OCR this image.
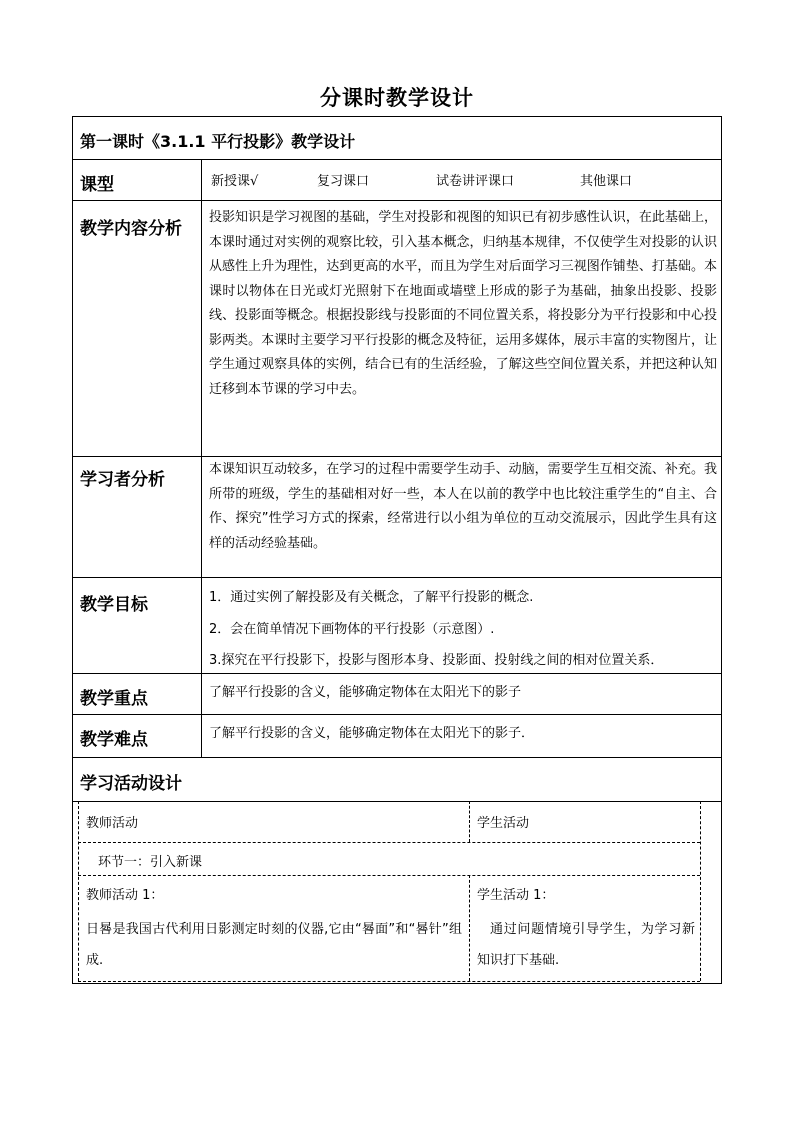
分课时教学设计
第一课时《3.1.1 平行投影》教学设计
课型	新授课√	复习课口	试卷讲评课口	其他课口
教学内容分析
投影知识是学习视图的基础，学生对投影和视图的知识已有初步感性认识，在此基础上，本课时通过对实例的观察比较，引入基本概念，归纳基本规律，不仅使学生对投影的认识从感性上升为理性，达到更高的水平，而且为学生对后面学习三视图作铺垫、打基础。本课时以物体在日光或灯光照射下在地面或墙壁上形成的影子为基础，抽象出投影、投影线、投影面等概念。根据投影线与投影面的不同位置关系，将投影分为平行投影和中心投影两类。本课时主要学习平行投影的概念及特征，运用多媒体，展示丰富的实物图片，让学生通过观察具体的实例，结合已有的生活经验，了解这些空间位置关系，并把这种认知迁移到本节课的学习中去。
学习者分析
本课知识互动较多，在学习的过程中需要学生动手、动脑，需要学生互相交流、补充。我所带的班级，学生的基础相对好一些，本人在以前的教学中也比较注重学生的“自主、合作、探究”性学习方式的探索，经常进行以小组为单位的互动交流展示，因此学生具有这样的活动经验基础。
教学目标	1．通过实例了解投影及有关概念，了解平行投影的概念.
2．会在简单情况下画物体的平行投影（示意图）.
3.探究在平行投影下，投影与图形本身、投影面、投射线之间的相对位置关系．
教学重点	了解平行投影的含义，能够确定物体在太阳光下的影子
教学难点	了解平行投影的含义，能够确定物体在太阳光下的影子．
学习活动设计
教师活动	学生活动
环节一：引入新课
教师活动 1：
日晷是我国古代利用日影测定时刻的仪器,它由“晷面”和“晷针”组成.
学生活动 1：
通过问题情境引导学生，为学习新知识打下基础.
